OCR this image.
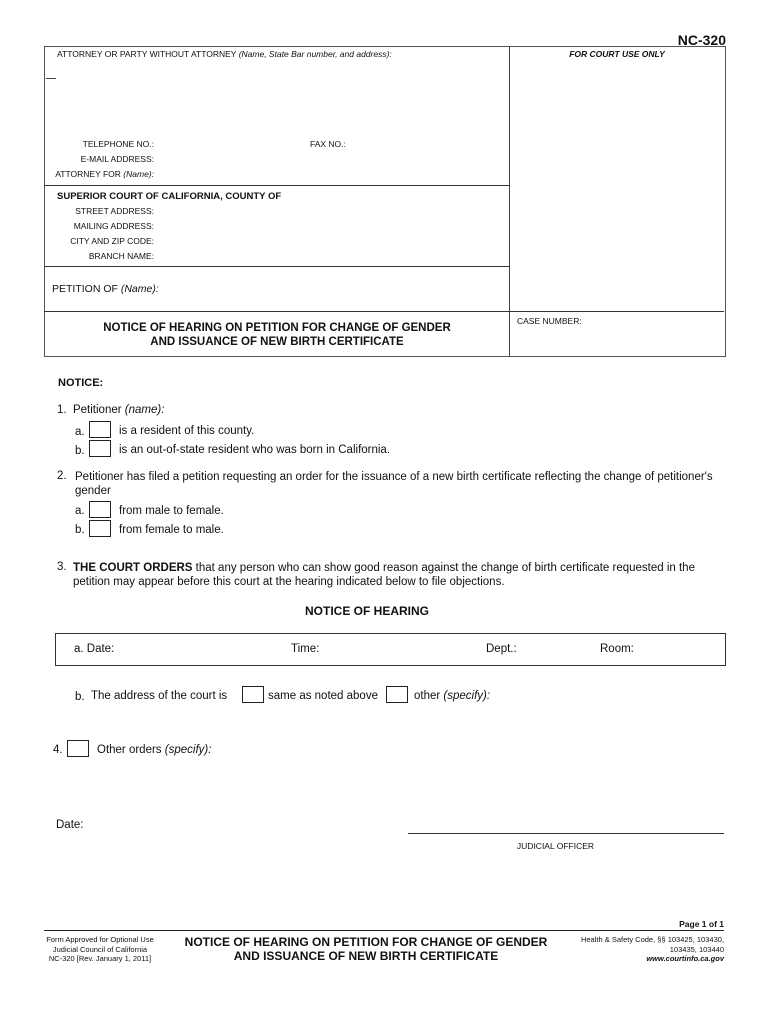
NC-320
ATTORNEY OR PARTY WITHOUT ATTORNEY (Name, State Bar number, and address):	FOR COURT USE ONLY
TELEPHONE NO.:	FAX NO.:
E-MAIL ADDRESS:
ATTORNEY FOR (Name):
SUPERIOR COURT OF CALIFORNIA, COUNTY OF
STREET ADDRESS:
MAILING ADDRESS:
CITY AND ZIP CODE:
BRANCH NAME:
PETITION OF (Name):
NOTICE OF HEARING ON PETITION FOR CHANGE OF GENDER
AND ISSUANCE OF NEW BIRTH CERTIFICATE
CASE NUMBER:
NOTICE:
1. Petitioner (name):
a.	is a resident of this county.
b.	is an out-of-state resident who was born in California.
2. Petitioner has filed a petition requesting an order for the issuance of a new birth certificate reflecting the change of petitioner's
gender
a.	from male to female.
b.	from female to male.
3. THE COURT ORDERS that any person who can show good reason against the change of birth certificate requested in the
petition may appear before this court at the hearing indicated below to file objections.
NOTICE OF HEARING
a. Date:	Time:	Dept.:	Room:
b. The address of the court is	same as noted above	other (specify):
4.	Other orders (specify):
Date:
JUDICIAL OFFICER
Page 1 of 1
Form Approved for Optional Use
Judicial Council of California
NC-320 [Rev. January 1, 2011]
NOTICE OF HEARING ON PETITION FOR CHANGE OF GENDER
AND ISSUANCE OF NEW BIRTH CERTIFICATE
Health & Safety Code, §§ 103425, 103430,
103435, 103440
www.courtinfo.ca.gov
